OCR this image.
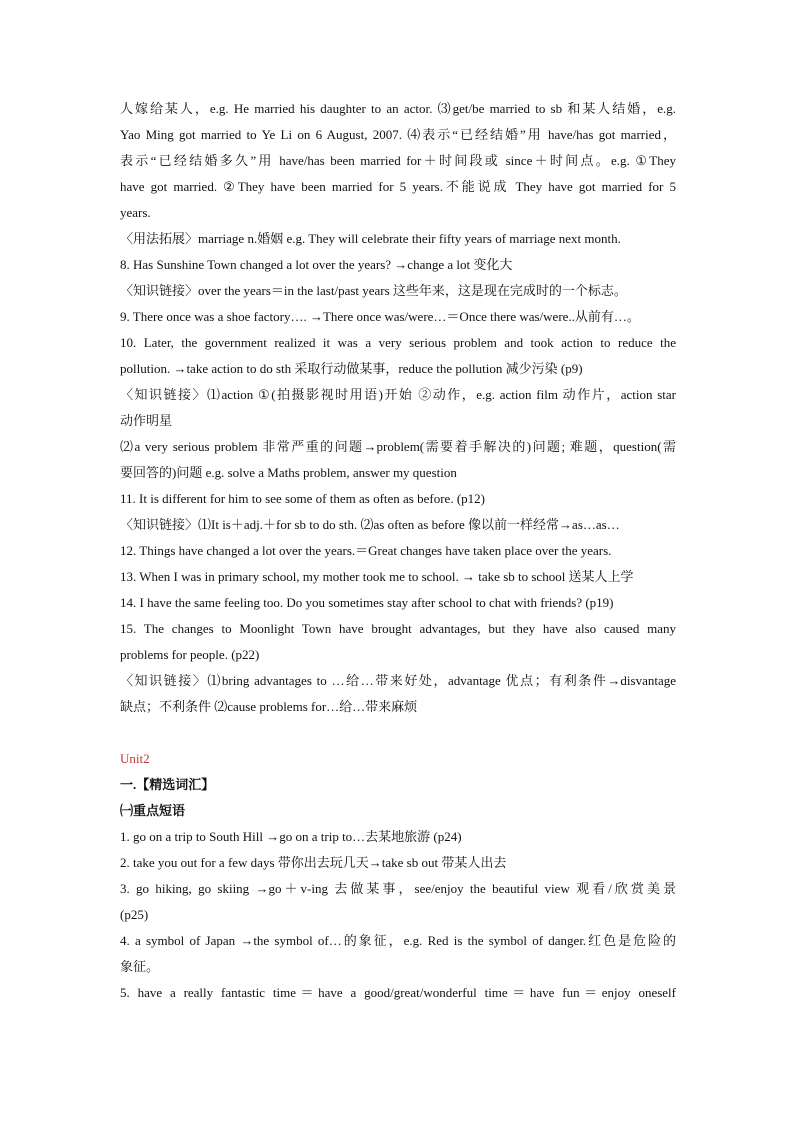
人嫁给某人，e.g. He married his daughter to an actor. ⑶get/be married to sb 和某人结婚，e.g.

Yao Ming got married to Ye Li on 6 August, 2007. ⑷表示“已经结婚”用 have/has got married，

表示“已经结婚多久”用 have/has been married for＋时间段或 since＋时间点。e.g. ①They

have got married. ②They have been married for 5 years.不能说成 They have got married for 5

years.

〈用法拓展〉marriage n.婚姻 e.g. They will celebrate their fifty years of marriage next month.

8. Has Sunshine Town changed a lot over the years? →change a lot 变化大

〈知识链接〉over the years＝in the last/past years 这些年来，这是现在完成时的一个标志。

9. There once was a shoe factory…. →There once was/were…＝Once there was/were..从前有…。

10. Later, the government realized it was a very serious problem and took action to reduce the

pollution. →take action to do sth 采取行动做某事，reduce the pollution 减少污染 (p9)

〈知识链接〉⑴action ①(拍摄影视时用语)开始 ②动作，e.g. action film 动作片，action star

动作明星

⑵a very serious problem 非常严重的问题→problem(需要着手解决的)问题; 难题，question(需

要回答的)问题 e.g. solve a Maths problem, answer my question

11. It is different for him to see some of them as often as before. (p12)

〈知识链接〉⑴It is＋adj.＋for sb to do sth. ⑵as often as before 像以前一样经常→as…as…

12. Things have changed a lot over the years.＝Great changes have taken place over the years.

13. When I was in primary school, my mother took me to school. → take sb to school 送某人上学

14. I have the same feeling too. Do you sometimes stay after school to chat with friends? (p19)

15. The changes to Moonlight Town have brought advantages, but they have also caused many

problems for people. (p22)

〈知识链接〉⑴bring advantages to …给…带来好处，advantage 优点；有利条件→disvantage

缺点；不利条件 ⑵cause problems for…给…带来麻烦

Unit2

一.【精选词汇】

㈠重点短语

1. go on a trip to South Hill →go on a trip to…去某地旅游 (p24)

2. take you out for a few days 带你出去玩几天→take sb out 带某人出去

3. go hiking, go skiing →go＋v-ing 去做某事，see/enjoy the beautiful view 观看/欣赏美景

(p25)

4. a symbol of Japan →the symbol of…的象征，e.g. Red is the symbol of danger.红色是危险的

象征。

5. have a really fantastic time＝have a good/great/wonderful time＝have fun＝enjoy oneself
